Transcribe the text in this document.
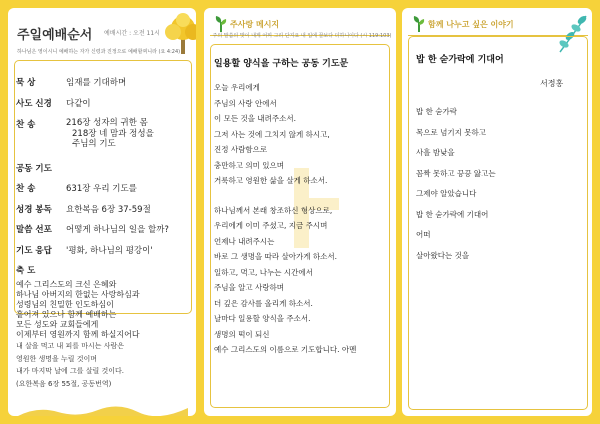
주일예배순서 예배시간 : 오전 11시
하나님은 영이시니 예배하는 자가 신령과 진정으로 예배할찌니라 (요 4:24)
묵 상	임재를 기대하며
사도 신경 다같이
찬 송	216장 성자의 귀한 몸
218장 네 맘과 정성을
주님의 기도
공동 기도
찬 송	631장 우리 기도를
성경 봉독 요한복음 6장 37-59절
말씀 선포 어떻게 하나님의 일을 할까?
기도 응답 '평화, 하나님의 평강이'
축 도
예수 그리스도의 크신 은혜와
하나님 아버지의 한없는 사랑하심과
성령님의 친밀한 인도하심이
흩어져 있으나 함께 예배하는
모든 성도와 교회들에게
이제부터 영원까지 함께 하실지어다
내 살을 먹고 내 피를 마시는 사람은
영원한 생명을 누릴 것이며
내가 마지막 날에 그를 살릴 것이다.
(요한복음 6장 55절, 공동번역)
주사랑 메시지
주의 말씀의 맛이 내게 어찌 그리 단지요 내 입에 꿀보다 더하니이다 (시 119:103)
일용할 양식을 구하는 공동 기도문
오늘 우리에게
주님의 사랑 안에서
이 모든 것을 내려주소서.
그저 사는 것에 그치지 않게 하시고,
진정 사람함으로
충만하고 의미 있으며
거룩하고 영원한 삶을 살게 하소서.
하나님께서 본래 창조하신 형상으로,
우리에게 이미 주셨고, 지금 주시며
언제나 내려주시는
바로 그 생명을 따라 살아가게 하소서.
일하고, 먹고, 나누는 시간에서
주님을 알고 사랑하며
더 깊은 감사를 올리게 하소서.
날마다 일용할 양식을 주소서.
생명의 떡이 되신
예수 그리스도의 이름으로 기도합니다. 아멘
함께 나누고 싶은 이야기
밥 한 숟가락에 기대어
서정홍
밥 한 숟가락
목으로 넘기지 못하고
사흘 밤낮을
꼼짝 못하고 끙끙 앓고는
그제야 알았습니다
밥 한 숟가락에 기대어
어떠
살아왔다는 것을
